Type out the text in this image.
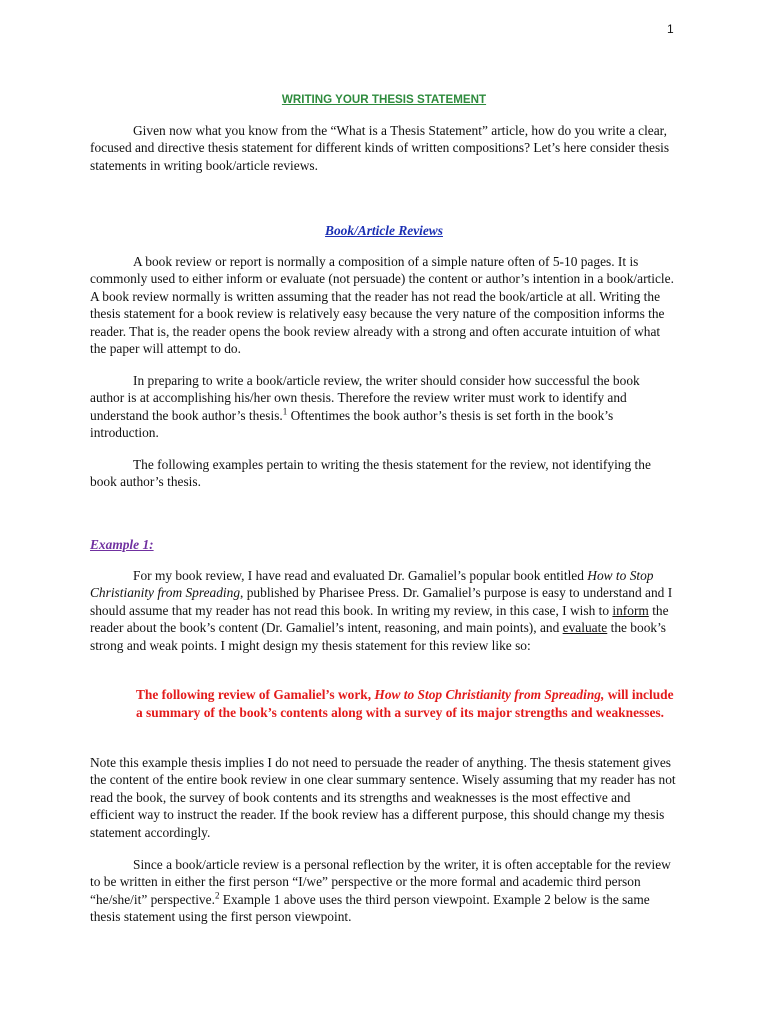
1
WRITING YOUR THESIS STATEMENT

Given now what you know from the “What is a Thesis Statement” article, how do you write a clear, focused and directive thesis statement for different kinds of written compositions? Let’s here consider thesis statements in writing book/article reviews.

Book/Article Reviews

A book review or report is normally a composition of a simple nature often of 5-10 pages. It is commonly used to either inform or evaluate (not persuade) the content or author’s intention in a book/article. A book review normally is written assuming that the reader has not read the book/article at all. Writing the thesis statement for a book review is relatively easy because the very nature of the composition informs the reader. That is, the reader opens the book review already with a strong and often accurate intuition of what the paper will attempt to do.

In preparing to write a book/article review, the writer should consider how successful the book author is at accomplishing his/her own thesis. Therefore the review writer must work to identify and understand the book author’s thesis.$^1$ Oftentimes the book author’s thesis is set forth in the book’s introduction.

The following examples pertain to writing the thesis statement for the review, not identifying the book author’s thesis.

Example 1:

For my book review, I have read and evaluated Dr. Gamaliel’s popular book entitled How to Stop Christianity from Spreading, published by Pharisee Press. Dr. Gamaliel’s purpose is easy to understand and I should assume that my reader has not read this book. In writing my review, in this case, I wish to inform the reader about the book’s content (Dr. Gamaliel’s intent, reasoning, and main points), and evaluate the book’s strong and weak points. I might design my thesis statement for this review like so:

The following review of Gamaliel’s work, How to Stop Christianity from Spreading, will include a summary of the book’s contents along with a survey of its major strengths and weaknesses.

Note this example thesis implies I do not need to persuade the reader of anything. The thesis statement gives the content of the entire book review in one clear summary sentence. Wisely assuming that my reader has not read the book, the survey of book contents and its strengths and weaknesses is the most effective and efficient way to instruct the reader. If the book review has a different purpose, this should change my thesis statement accordingly.

Since a book/article review is a personal reflection by the writer, it is often acceptable for the review to be written in either the first person “I/we” perspective or the more formal and academic third person “he/she/it” perspective.$^2$ Example 1 above uses the third person viewpoint. Example 2 below is the same thesis statement using the first person viewpoint.
